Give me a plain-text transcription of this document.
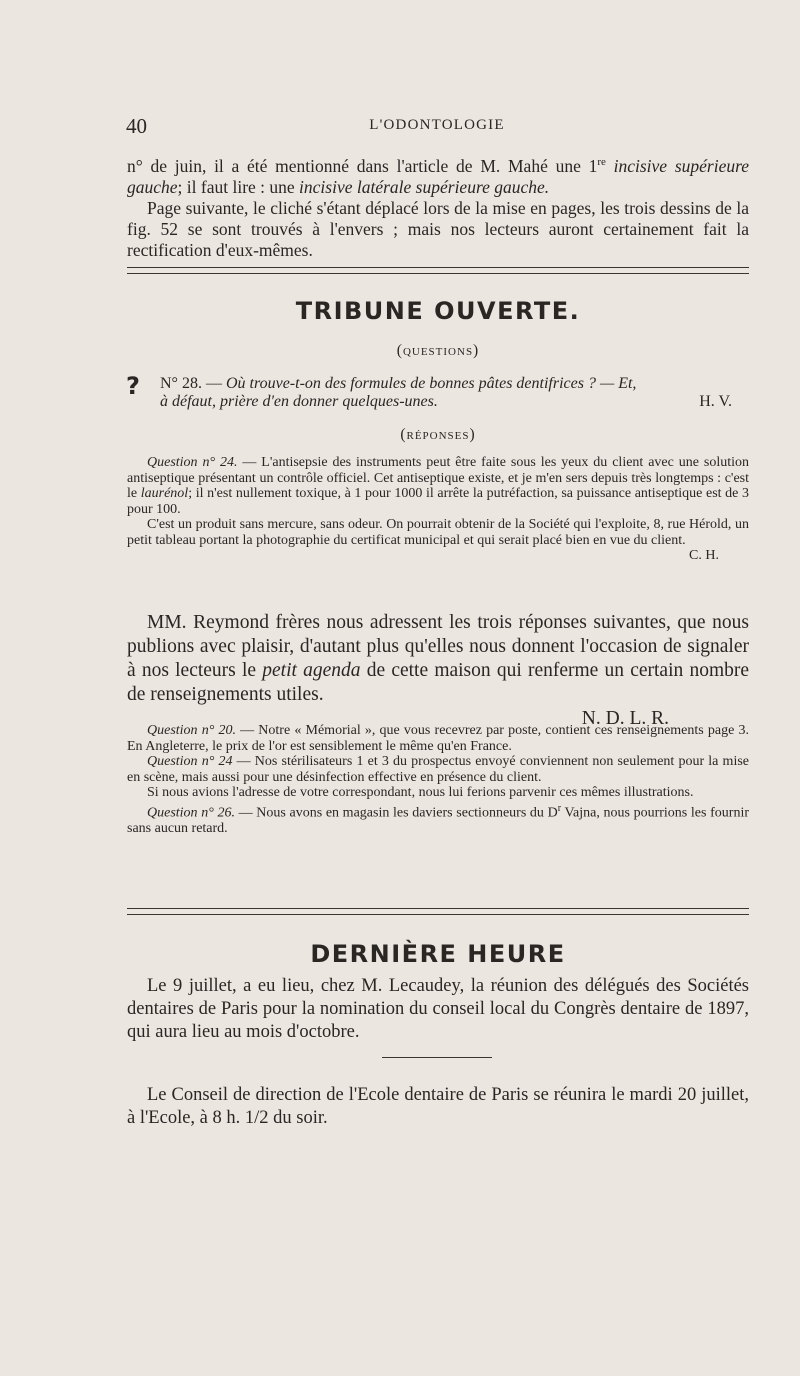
40	L'ODONTOLOGIE

n° de juin, il a été mentionné dans l'article de M. Mahé une 1re incisive supérieure gauche; il faut lire : une incisive latérale supérieure gauche.

Page suivante, le cliché s'étant déplacé lors de la mise en pages, les trois dessins de la fig. 52 se sont trouvés à l'envers ; mais nos lecteurs auront certainement fait la rectification d'eux-mêmes.

TRIBUNE OUVERTE.
(questions)
? N° 28. — Où trouve-t-on des formules de bonnes pâtes dentifrices ? — Et,
à défaut, prière d'en donner quelques-unes.	H. V.
(réponses)

Question n° 24. — L'antisepsie des instruments peut être faite sous les yeux du client avec une solution antiseptique présentant un contrôle officiel. Cet antiseptique existe, et je m'en sers depuis très longtemps : c'est le laurénol; il n'est nullement toxique, à 1 pour 1000 il arrête la putréfaction, sa puissance antiseptique est de 3 pour 100.

C'est un produit sans mercure, sans odeur. On pourrait obtenir de la Société qui l'exploite, 8, rue Hérold, un petit tableau portant la photographie du certificat municipal et qui serait placé bien en vue du client.

C. H.

MM. Reymond frères nous adressent les trois réponses suivantes, que nous publions avec plaisir, d'autant plus qu'elles nous donnent l'occasion de signaler à nos lecteurs le petit agenda de cette maison qui renferme un certain nombre de renseignements utiles.

N. D. L. R.

Question n° 20. — Notre « Mémorial », que vous recevrez par poste, contient ces renseignements page 3. En Angleterre, le prix de l'or est sensiblement le même qu'en France.

Question n° 24 — Nos stérilisateurs 1 et 3 du prospectus envoyé conviennent non seulement pour la mise en scène, mais aussi pour une désinfection effective en présence du client.

Si nous avions l'adresse de votre correspondant, nous lui ferions parvenir ces mêmes illustrations.

Question n° 26. — Nous avons en magasin les daviers sectionneurs du $D^r$ Vajna, nous pourrions les fournir sans aucun retard.

DERNIÈRE HEURE

Le 9 juillet, a eu lieu, chez M. Lecaudey, la réunion des délégués des Sociétés dentaires de Paris pour la nomination du conseil local du Congrès dentaire de 1897, qui aura lieu au mois d'octobre.

Le Conseil de direction de l'Ecole dentaire de Paris se réunira le mardi 20 juillet, à l'Ecole, à 8 h. 1/2 du soir.
